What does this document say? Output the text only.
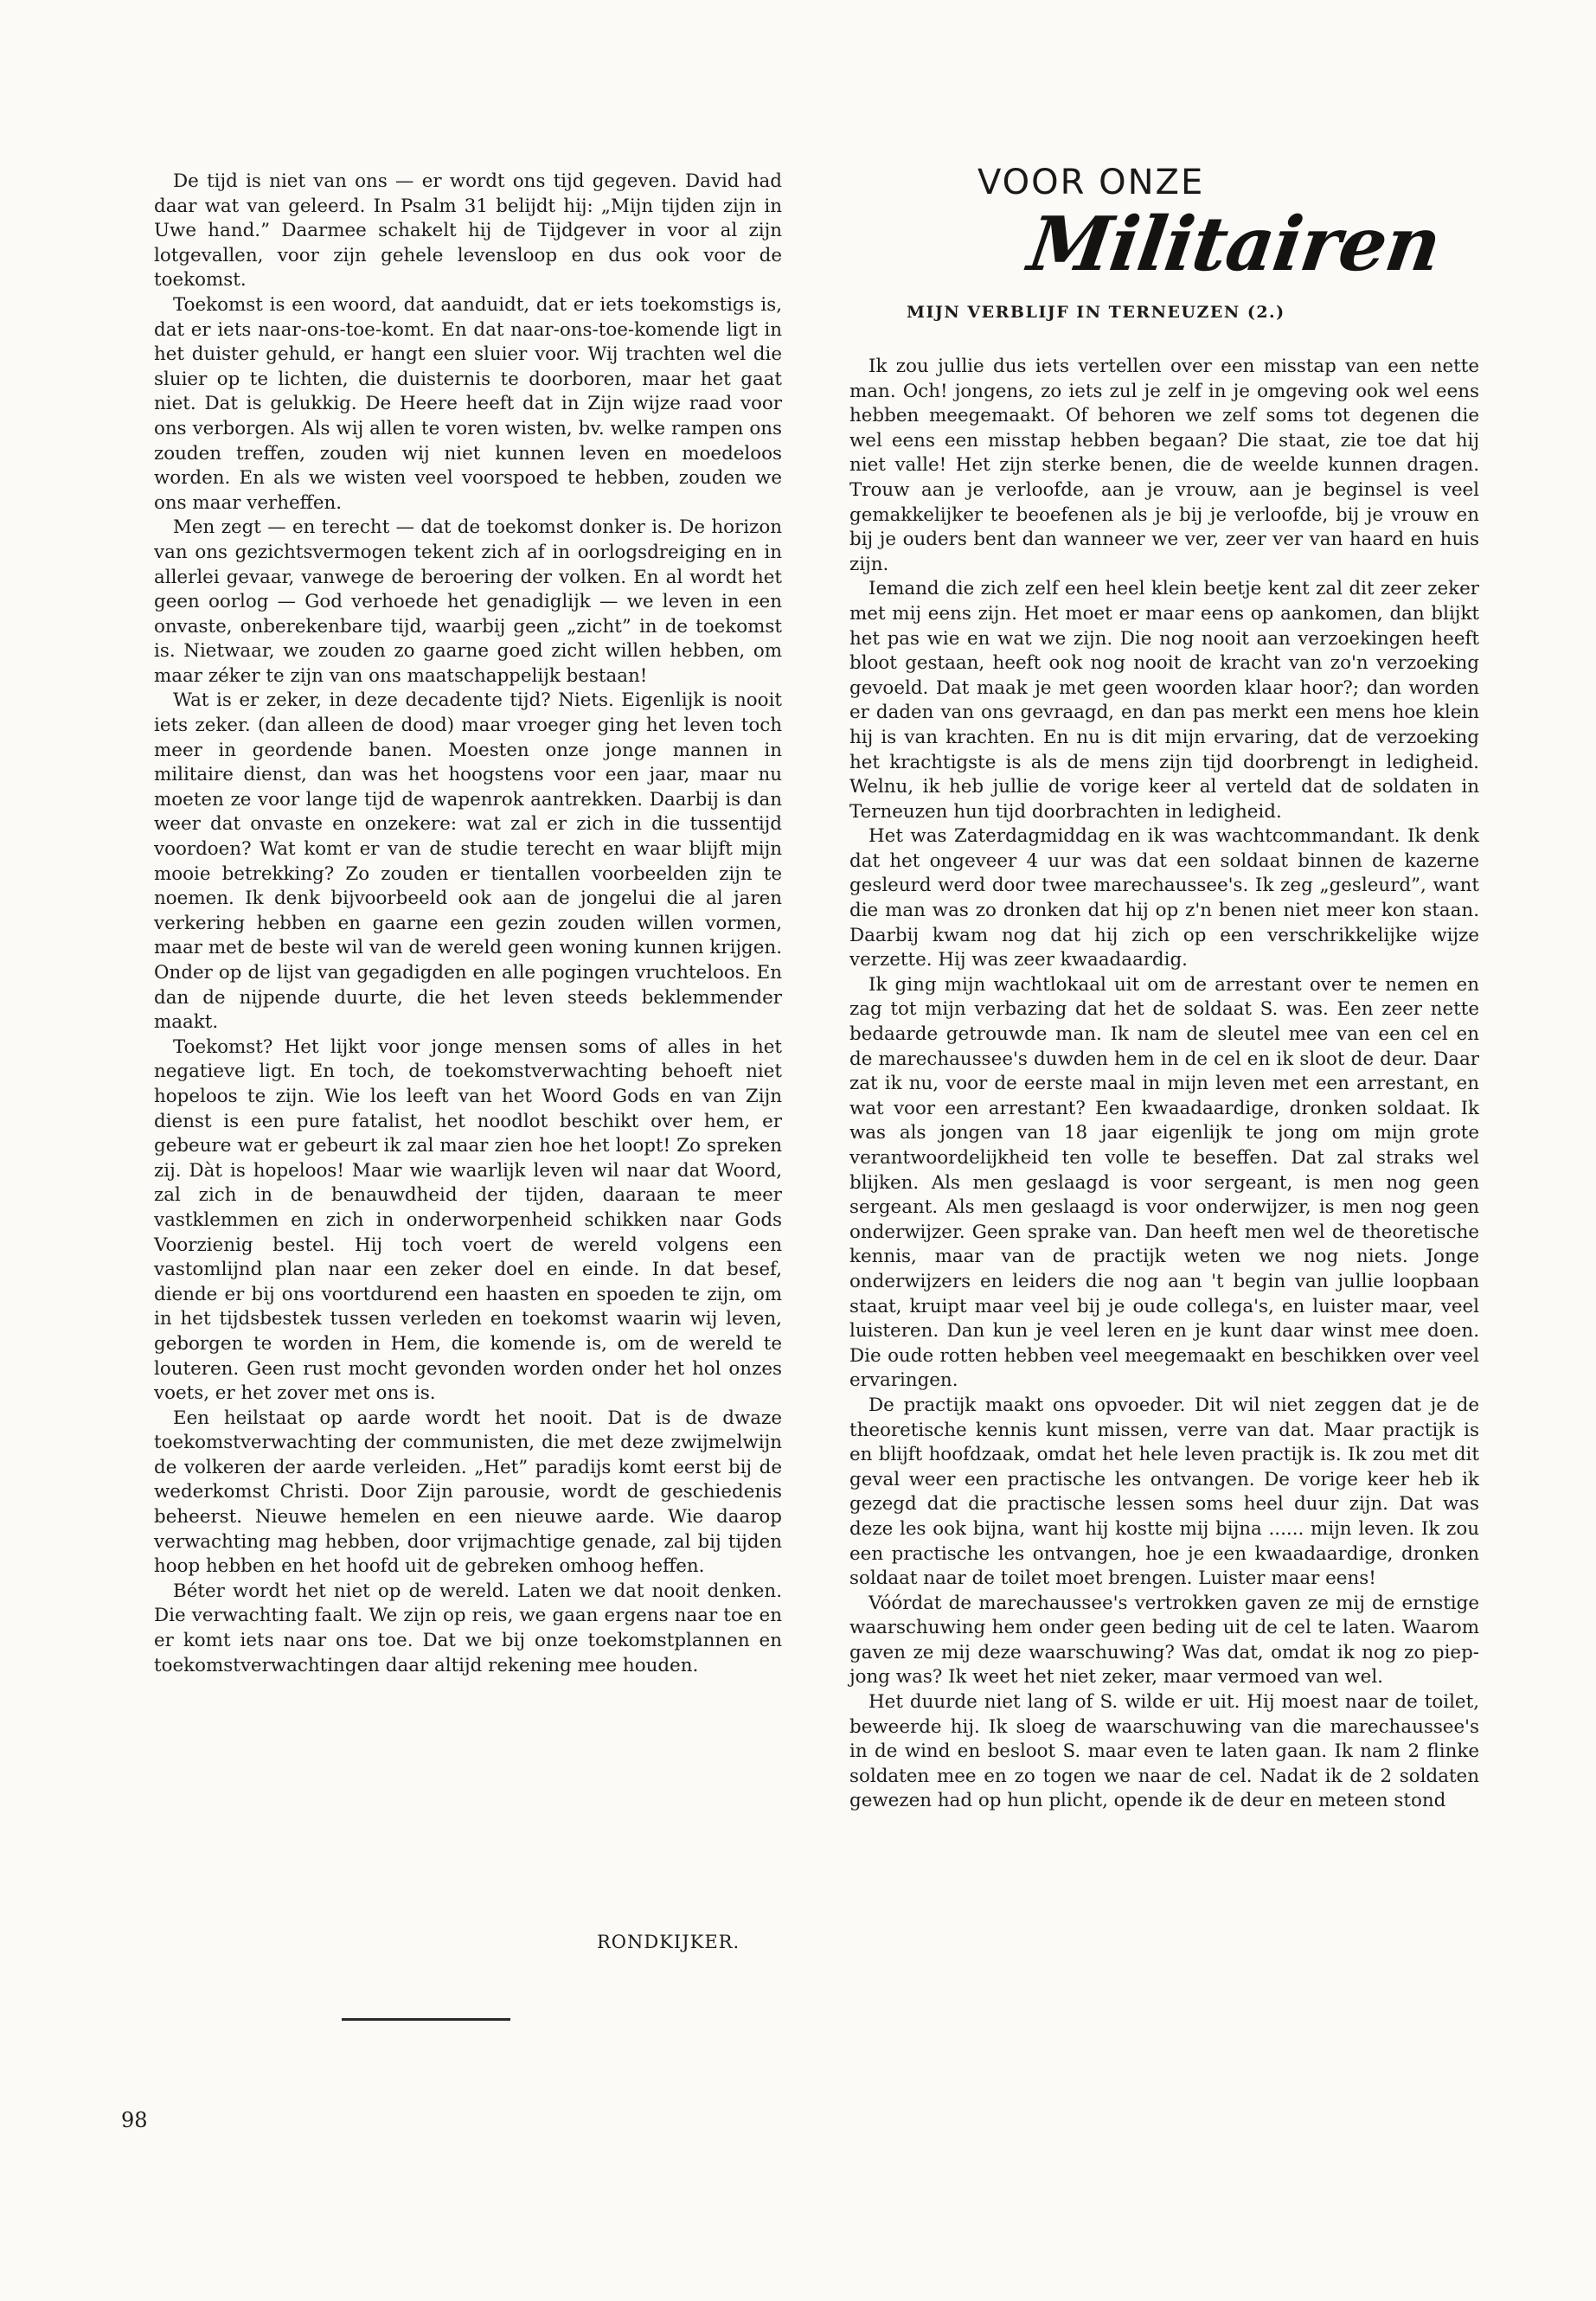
De tijd is niet van ons — er wordt ons tijd gegeven. David had daar wat van geleerd. In Psalm 31 belijdt hij: „Mijn tijden zijn in Uwe hand.” Daarmee schakelt hij de Tijdgever in voor al zijn lotgevallen, voor zijn gehele levensloop en dus ook voor de toekomst.

Toekomst is een woord, dat aanduidt, dat er iets toekomstigs is, dat er iets naar-ons-toe-komt. En dat naar-ons-toe-komende ligt in het duister gehuld, er hangt een sluier voor. Wij trachten wel die sluier op te lichten, die duisternis te doorboren, maar het gaat niet. Dat is gelukkig. De Heere heeft dat in Zijn wijze raad voor ons verborgen. Als wij allen te voren wisten, bv. welke rampen ons zouden treffen, zouden wij niet kunnen leven en moedeloos worden. En als we wisten veel voorspoed te hebben, zouden we ons maar verheffen.

Men zegt — en terecht — dat de toekomst donker is. De horizon van ons gezichtsvermogen tekent zich af in oorlogsdreiging en in allerlei gevaar, vanwege de beroering der volken. En al wordt het geen oorlog — God verhoede het genadiglijk — we leven in een onvaste, onberekenbare tijd, waarbij geen „zicht” in de toekomst is. Nietwaar, we zouden zo gaarne goed zicht willen hebben, om maar zéker te zijn van ons maatschappelijk bestaan!

Wat is er zeker, in deze decadente tijd? Niets. Eigenlijk is nooit iets zeker. (dan alleen de dood) maar vroeger ging het leven toch meer in geordende banen. Moesten onze jonge mannen in militaire dienst, dan was het hoogstens voor een jaar, maar nu moeten ze voor lange tijd de wapenrok aantrekken. Daarbij is dan weer dat onvaste en onzekere: wat zal er zich in die tussentijd voordoen? Wat komt er van de studie terecht en waar blijft mijn mooie betrekking? Zo zouden er tientallen voorbeelden zijn te noemen. Ik denk bijvoorbeeld ook aan de jongelui die al jaren verkering hebben en gaarne een gezin zouden willen vormen, maar met de beste wil van de wereld geen woning kunnen krijgen. Onder op de lijst van gegadigden en alle pogingen vruchteloos. En dan de nijpende duurte, die het leven steeds beklemmender maakt.

Toekomst? Het lijkt voor jonge mensen soms of alles in het negatieve ligt. En toch, de toekomstverwachting behoeft niet hopeloos te zijn. Wie los leeft van het Woord Gods en van Zijn dienst is een pure fatalist, het noodlot beschikt over hem, er gebeure wat er gebeurt ik zal maar zien hoe het loopt! Zo spreken zij. Dàt is hopeloos! Maar wie waarlijk leven wil naar dat Woord, zal zich in de benauwdheid der tijden, daaraan te meer vastklemmen en zich in onderworpenheid schikken naar Gods Voorzienig bestel. Hij toch voert de wereld volgens een vastomlijnd plan naar een zeker doel en einde. In dat besef, diende er bij ons voortdurend een haasten en spoeden te zijn, om in het tijdsbestek tussen verleden en toekomst waarin wij leven, geborgen te worden in Hem, die komende is, om de wereld te louteren. Geen rust mocht gevonden worden onder het hol onzes voets, er het zover met ons is.

Een heilstaat op aarde wordt het nooit. Dat is de dwaze toekomstverwachting der communisten, die met deze zwijmelwijn de volkeren der aarde verleiden. „Het” paradijs komt eerst bij de wederkomst Christi. Door Zijn parousie, wordt de geschiedenis beheerst. Nieuwe hemelen en een nieuwe aarde. Wie daarop verwachting mag hebben, door vrijmachtige genade, zal bij tijden hoop hebben en het hoofd uit de gebreken omhoog heffen.

Béter wordt het niet op de wereld. Laten we dat nooit denken. Die verwachting faalt. We zijn op reis, we gaan ergens naar toe en er komt iets naar ons toe. Dat we bij onze toekomstplannen en toekomstverwachtingen daar altijd rekening mee houden.

RONDKIJKER.
98
VOOR ONZE
Militairen
MIJN VERBLIJF IN TERNEUZEN (2.)

Ik zou jullie dus iets vertellen over een misstap van een nette man. Och! jongens, zo iets zul je zelf in je omgeving ook wel eens hebben meegemaakt. Of behoren we zelf soms tot degenen die wel eens een misstap hebben begaan? Die staat, zie toe dat hij niet valle! Het zijn sterke benen, die de weelde kunnen dragen. Trouw aan je verloofde, aan je vrouw, aan je beginsel is veel gemakkelijker te beoefenen als je bij je verloofde, bij je vrouw en bij je ouders bent dan wanneer we ver, zeer ver van haard en huis zijn.

Iemand die zich zelf een heel klein beetje kent zal dit zeer zeker met mij eens zijn. Het moet er maar eens op aankomen, dan blijkt het pas wie en wat we zijn. Die nog nooit aan verzoekingen heeft bloot gestaan, heeft ook nog nooit de kracht van zo'n verzoeking gevoeld. Dat maak je met geen woorden klaar hoor?; dan worden er daden van ons gevraagd, en dan pas merkt een mens hoe klein hij is van krachten. En nu is dit mijn ervaring, dat de verzoeking het krachtigste is als de mens zijn tijd doorbrengt in ledigheid. Welnu, ik heb jullie de vorige keer al verteld dat de soldaten in Terneuzen hun tijd doorbrachten in ledigheid.

Het was Zaterdagmiddag en ik was wachtcommandant. Ik denk dat het ongeveer 4 uur was dat een soldaat binnen de kazerne gesleurd werd door twee marechaussee's. Ik zeg „gesleurd”, want die man was zo dronken dat hij op z'n benen niet meer kon staan. Daarbij kwam nog dat hij zich op een verschrikkelijke wijze verzette. Hij was zeer kwaadaardig.

Ik ging mijn wachtlokaal uit om de arrestant over te nemen en zag tot mijn verbazing dat het de soldaat S. was. Een zeer nette bedaarde getrouwde man. Ik nam de sleutel mee van een cel en de marechaussee's duwden hem in de cel en ik sloot de deur. Daar zat ik nu, voor de eerste maal in mijn leven met een arrestant, en wat voor een arrestant? Een kwaadaardige, dronken soldaat. Ik was als jongen van 18 jaar eigenlijk te jong om mijn grote verantwoordelijkheid ten volle te beseffen. Dat zal straks wel blijken. Als men geslaagd is voor sergeant, is men nog geen sergeant. Als men geslaagd is voor onderwijzer, is men nog geen onderwijzer. Geen sprake van. Dan heeft men wel de theoretische kennis, maar van de practijk weten we nog niets. Jonge onderwijzers en leiders die nog aan 't begin van jullie loopbaan staat, kruipt maar veel bij je oude collega's, en luister maar, veel luisteren. Dan kun je veel leren en je kunt daar winst mee doen. Die oude rotten hebben veel meegemaakt en beschikken over veel ervaringen.

De practijk maakt ons opvoeder. Dit wil niet zeggen dat je de theoretische kennis kunt missen, verre van dat. Maar practijk is en blijft hoofdzaak, omdat het hele leven practijk is. Ik zou met dit geval weer een practische les ontvangen. De vorige keer heb ik gezegd dat die practische lessen soms heel duur zijn. Dat was deze les ook bijna, want hij kostte mij bijna ...... mijn leven. Ik zou een practische les ontvangen, hoe je een kwaadaardige, dronken soldaat naar de toilet moet brengen. Luister maar eens!

Vóórdat de marechaussee's vertrokken gaven ze mij de ernstige waarschuwing hem onder geen beding uit de cel te laten. Waarom gaven ze mij deze waarschuwing? Was dat, omdat ik nog zo piep-jong was? Ik weet het niet zeker, maar vermoed van wel.

Het duurde niet lang of S. wilde er uit. Hij moest naar de toilet, beweerde hij. Ik sloeg de waarschuwing van die marechaussee's in de wind en besloot S. maar even te laten gaan. Ik nam 2 flinke soldaten mee en zo togen we naar de cel. Nadat ik de 2 soldaten gewezen had op hun plicht, opende ik de deur en meteen stond
